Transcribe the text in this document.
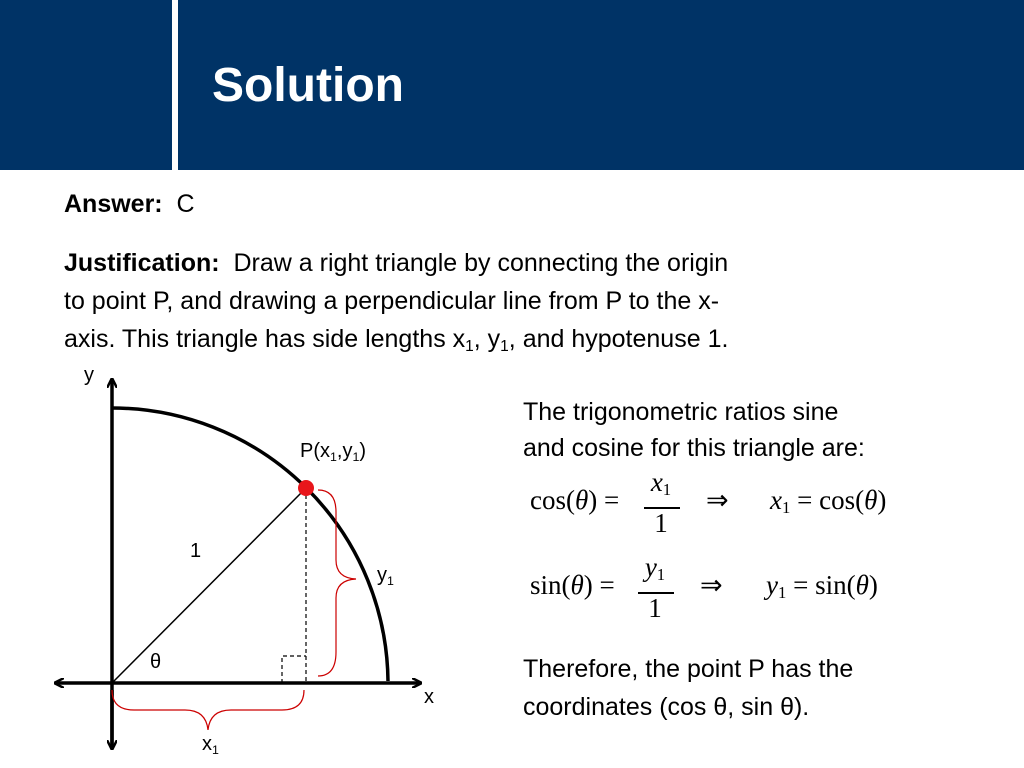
Solution
Answer: C
Justification: Draw a right triangle by connecting the origin
to point P, and drawing a perpendicular line from P to the x-
axis. This triangle has side lengths $x_1$, $y_1$, and hypotenuse 1.
y
x
$P(x_1,y_1)$
1
θ
$y_1$
$x_1$
The trigonometric ratios sine
and cosine for this triangle are:
cos(θ) =
$x_1$
1
⇒ $x_1 = \cos(\theta)$
sin(θ) =
$y_1$
1
⇒ $y_1 = \sin(\theta)$
Therefore, the point P has the
coordinates (cos θ, sin θ).
